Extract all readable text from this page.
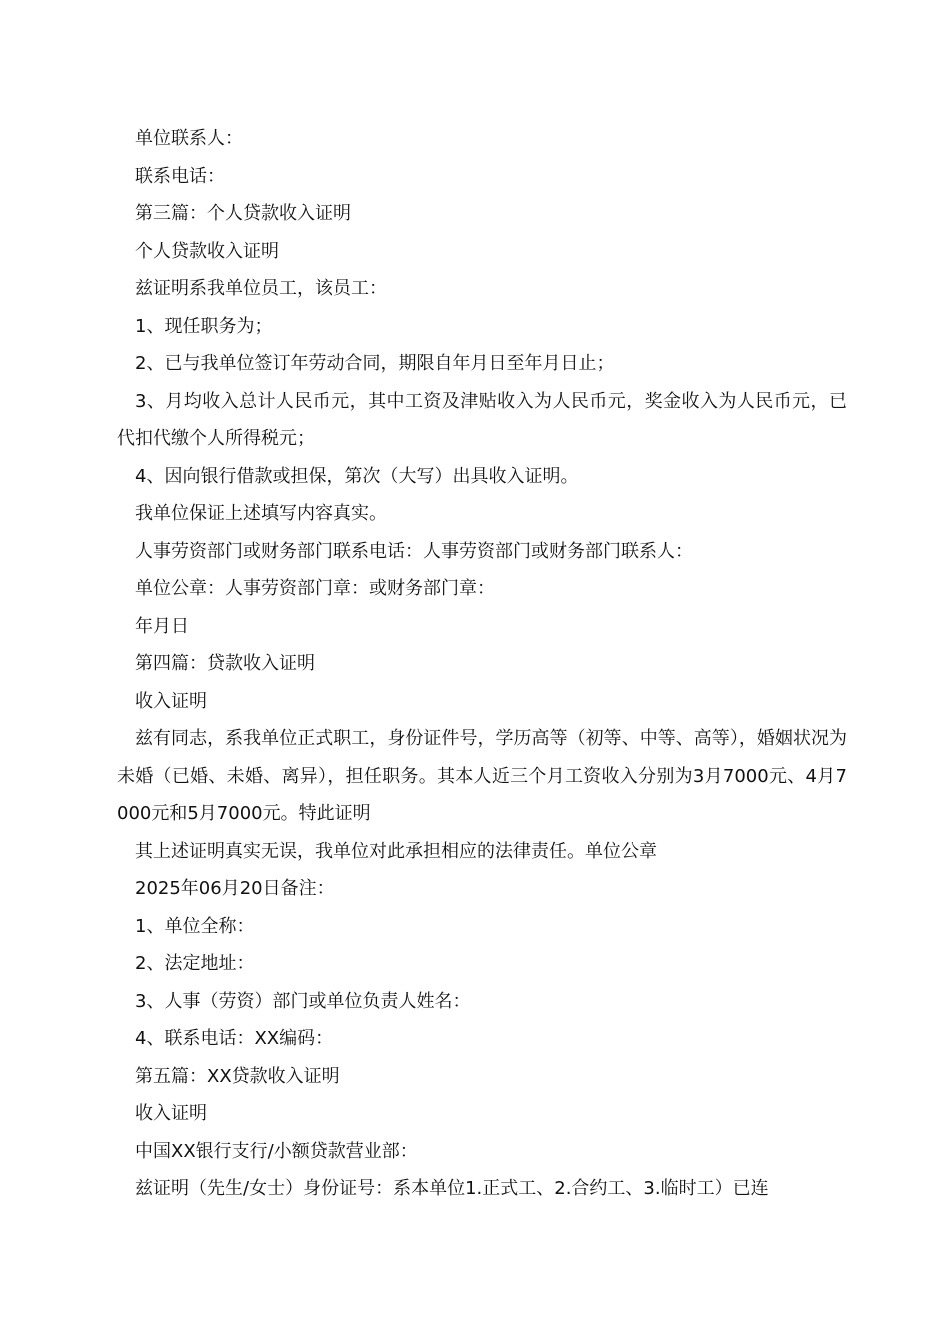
单位联系人：

联系电话：

第三篇：个人贷款收入证明

个人贷款收入证明

兹证明系我单位员工，该员工：

1、现任职务为；

2、已与我单位签订年劳动合同，期限自年月日至年月日止；

3、月均收入总计人民币元，其中工资及津贴收入为人民币元，奖金收入为人民币元，已代扣代缴个人所得税元；

4、因向银行借款或担保，第次（大写）出具收入证明。

我单位保证上述填写内容真实。

人事劳资部门或财务部门联系电话：人事劳资部门或财务部门联系人：

单位公章：人事劳资部门章：或财务部门章：

年月日

第四篇：贷款收入证明

收入证明

兹有同志，系我单位正式职工，身份证件号，学历高等（初等、中等、高等），婚姻状况为未婚（已婚、未婚、离异），担任职务。其本人近三个月工资收入分别为3月7000元、4月7000元和5月7000元。特此证明

其上述证明真实无误，我单位对此承担相应的法律责任。单位公章

2025年06月20日备注：

1、单位全称：

2、法定地址：

3、人事（劳资）部门或单位负责人姓名：

4、联系电话：XX编码：

第五篇：XX贷款收入证明

收入证明

中国XX银行支行/小额贷款营业部：

兹证明（先生/女士）身份证号：系本单位1.正式工、2.合约工、3.临时工）已连
